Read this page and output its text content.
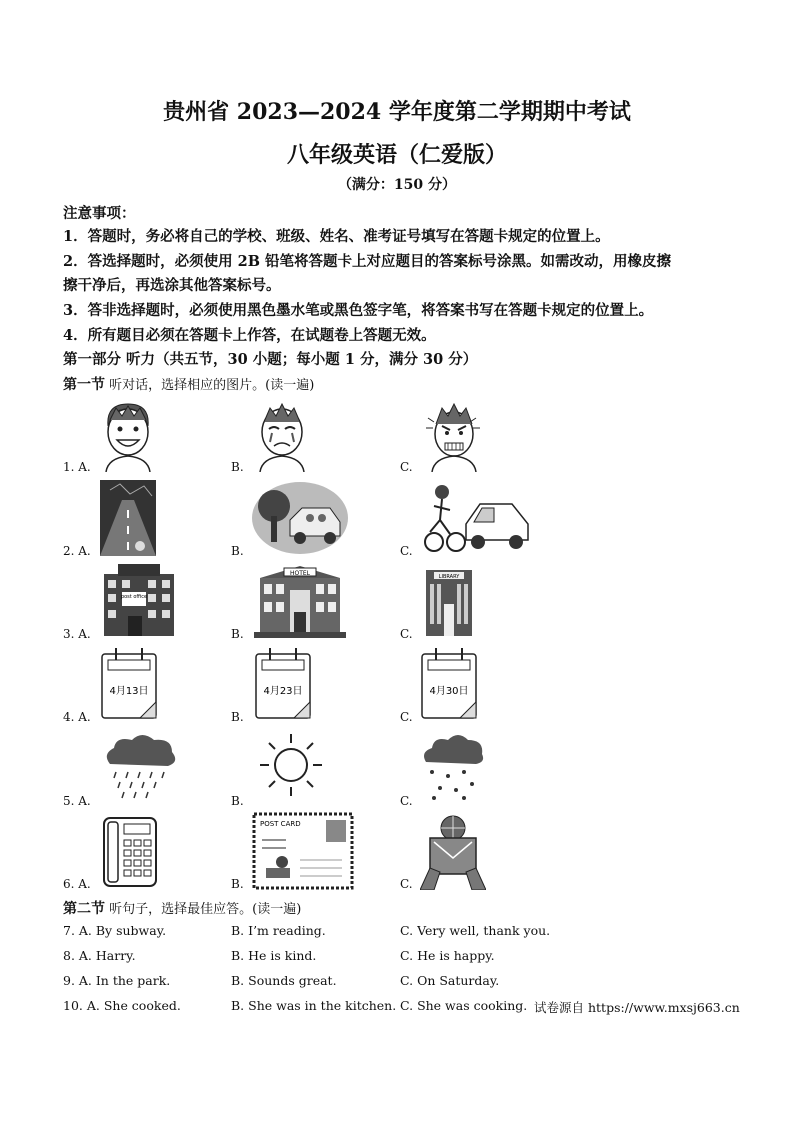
贵州省 2023—2024 学年度第二学期期中考试
八年级英语（仁爱版）
（满分：150 分）
注意事项：
1．答题时，务必将自己的学校、班级、姓名、准考证号填写在答题卡规定的位置上。
2．答选择题时，必须使用 2B 铅笔将答题卡上对应题目的答案标号涂黑。如需改动，用橡皮擦
擦干净后，再选涂其他答案标号。
3．答非选择题时，必须使用黑色墨水笔或黑色签字笔，将答案书写在答题卡规定的位置上。
4．所有题目必须在答题卡上作答，在试题卷上答题无效。
第一部分 听力（共五节，30 小题；每小题 1 分，满分 30 分）
第一节 听对话，选择相应的图片。(读一遍)
1. A.	B.	C.
2. A.	B.	C.
3. A.	B.	C.
post office
HOTEL	LIBRARY
4. A.	B.	C.
4月13日	4月23日	4月30日
5. A.	B.	C.
6. A.	B.	C.
POST CARD
第二节 听句子，选择最佳应答。(读一遍)
7. A. By subway.	B. I’m reading.	C. Very well, thank you.
8. A. Harry.	B. He is kind.	C. He is happy.
9. A. In the park.	B. Sounds great.	C. On Saturday.
10. A. She cooked.	B. She was in the kitchen. C. She was cooking. 试卷源自 https://www.mxsj663.cn
